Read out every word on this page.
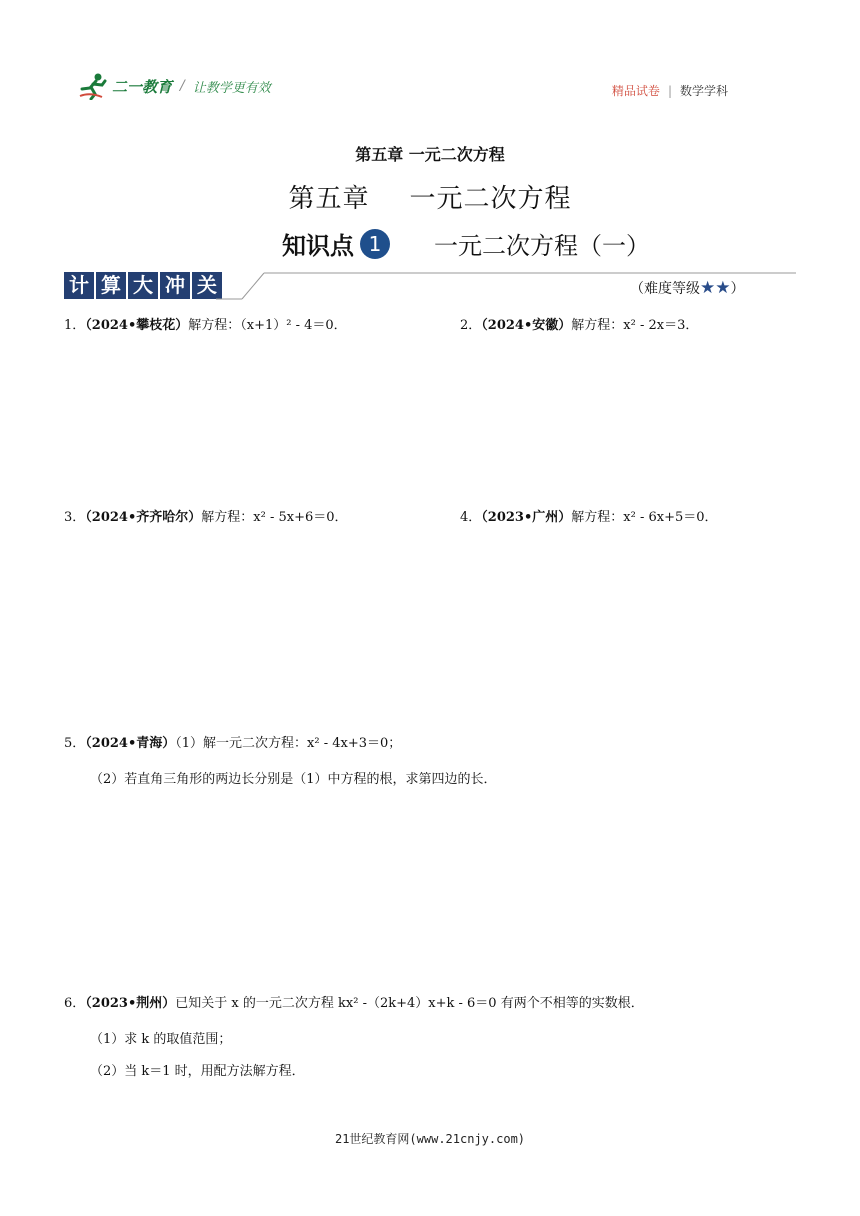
二一教育 / 让教学更有效	精品试卷 | 数学学科
第五章 一元二次方程
第五章 一元二次方程
知识点 1	一元二次方程（一）
计 算 大 冲 关	（难度等级 ★★ ）
1．（2024•攀枝花）解方程：（x+1）² - 4＝0．	2．（2024•安徽）解方程：x² - 2x＝3．
3．（2024•齐齐哈尔）解方程：x² - 5x+6＝0．	4．（2023•广州）解方程：x² - 6x+5＝0．
5．（2024•青海）（1）解一元二次方程：x² - 4x+3＝0；
（2）若直角三角形的两边长分别是（1）中方程的根，求第四边的长．
6．（2023•荆州）已知关于 x 的一元二次方程 kx² -（2k+4）x+k - 6＝0 有两个不相等的实数根．
（1）求 k 的取值范围；
（2）当 k＝1 时，用配方法解方程．
21世纪教育网(www.21cnjy.com)
